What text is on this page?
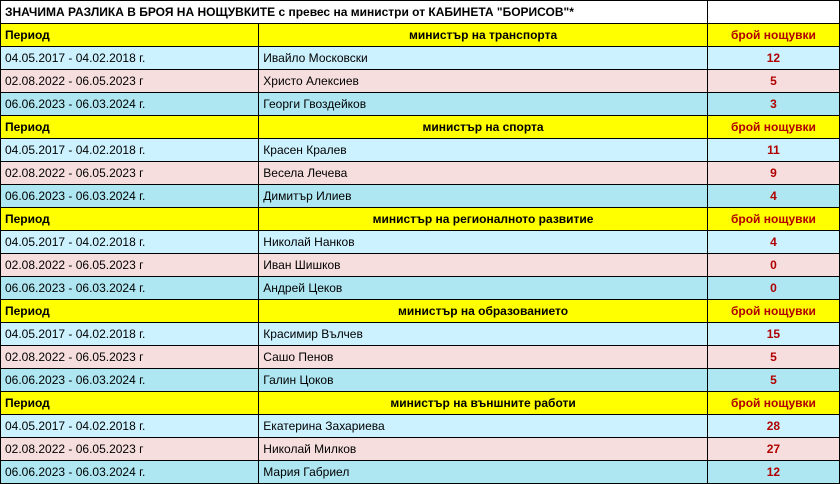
ЗНАЧИМА РАЗЛИКА В БРОЯ НА НОЩУВКИТЕ с превес на министри от КАБИНЕТА "БОРИСОВ"*		
Период	министър на транспорта	брой нощувки
04.05.2017 - 04.02.2018 г.	Ивайло Московски	12
02.08.2022 - 06.05.2023 г	Христо Алексиев	5
06.06.2023 - 06.03.2024 г.	Георги Гвоздейков	3
Период	министър на спорта	брой нощувки
04.05.2017 - 04.02.2018 г.	Красен Кралев	11
02.08.2022 - 06.05.2023 г	Весела Лечева	9
06.06.2023 - 06.03.2024 г.	Димитър Илиев	4
Период	министър на регионалното развитие	брой нощувки
04.05.2017 - 04.02.2018 г.	Николай Нанков	4
02.08.2022 - 06.05.2023 г	Иван Шишков	0
06.06.2023 - 06.03.2024 г.	Андрей Цеков	0
Период	министър на образованието	брой нощувки
04.05.2017 - 04.02.2018 г.	Красимир Вълчев	15
02.08.2022 - 06.05.2023 г	Сашо Пенов	5
06.06.2023 - 06.03.2024 г.	Галин Цоков	5
Период	министър на външните работи	брой нощувки
04.05.2017 - 04.02.2018 г.	Екатерина Захариева	28
02.08.2022 - 06.05.2023 г	Николай Милков	27
06.06.2023 - 06.03.2024 г.	Мария Габриел	12
